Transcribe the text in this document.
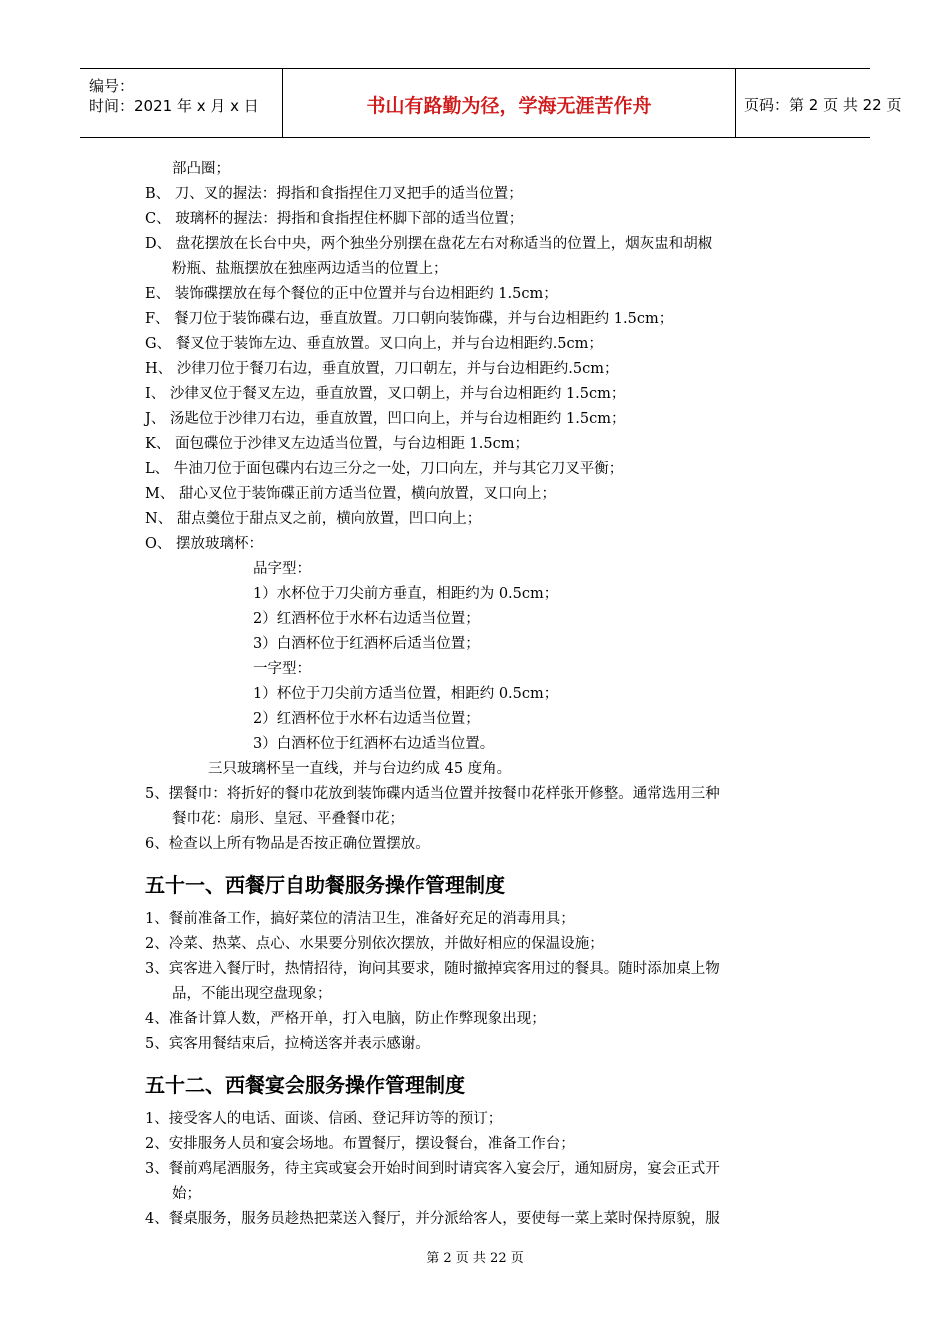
编号：
时间：2021 年 x 月 x 日	书山有路勤为径，学海无涯苦作舟	页码：第 2 页 共 22 页
部凸圈；
B、 刀、叉的握法：拇指和食指捏住刀叉把手的适当位置；
C、 玻璃杯的握法：拇指和食指捏住杯脚下部的适当位置；
D、 盘花摆放在长台中央，两个独坐分别摆在盘花左右对称适当的位置上，烟灰盅和胡椒
粉瓶、盐瓶摆放在独座两边适当的位置上；
E、 装饰碟摆放在每个餐位的正中位置并与台边相距约 1.5cm；
F、 餐刀位于装饰碟右边，垂直放置。刀口朝向装饰碟，并与台边相距约 1.5cm；
G、 餐叉位于装饰左边、垂直放置。叉口向上，并与台边相距约.5cm；
H、 沙律刀位于餐刀右边，垂直放置，刀口朝左，并与台边相距约.5cm；
I、 沙律叉位于餐叉左边，垂直放置，叉口朝上，并与台边相距约 1.5cm；
J、 汤匙位于沙律刀右边，垂直放置，凹口向上，并与台边相距约 1.5cm；
K、 面包碟位于沙律叉左边适当位置，与台边相距 1.5cm；
L、 牛油刀位于面包碟内右边三分之一处，刀口向左，并与其它刀叉平衡；
M、 甜心叉位于装饰碟正前方适当位置，横向放置，叉口向上；
N、 甜点羹位于甜点叉之前，横向放置，凹口向上；
O、 摆放玻璃杯：
品字型：
1）水杯位于刀尖前方垂直，相距约为 0.5cm；
2）红酒杯位于水杯右边适当位置；
3）白酒杯位于红酒杯后适当位置；
一字型：
1）杯位于刀尖前方适当位置，相距约 0.5cm；
2）红酒杯位于水杯右边适当位置；
3）白酒杯位于红酒杯右边适当位置。
三只玻璃杯呈一直线，并与台边约成 45 度角。
5、摆餐巾：将折好的餐巾花放到装饰碟内适当位置并按餐巾花样张开修整。通常选用三种
餐巾花：扇形、皇冠、平叠餐巾花；
6、检查以上所有物品是否按正确位置摆放。
五十一、西餐厅自助餐服务操作管理制度
1、餐前准备工作，搞好菜位的清洁卫生，准备好充足的消毒用具；
2、冷菜、热菜、点心、水果要分别依次摆放，并做好相应的保温设施；
3、宾客进入餐厅时，热情招待，询问其要求，随时撤掉宾客用过的餐具。随时添加桌上物
品，不能出现空盘现象；
4、准备计算人数，严格开单，打入电脑，防止作弊现象出现；
5、宾客用餐结束后，拉椅送客并表示感谢。
五十二、西餐宴会服务操作管理制度
1、接受客人的电话、面谈、信函、登记拜访等的预订；
2、安排服务人员和宴会场地。布置餐厅，摆设餐台，准备工作台；
3、餐前鸡尾酒服务，待主宾或宴会开始时间到时请宾客入宴会厅，通知厨房，宴会正式开
始；
4、餐桌服务，服务员趁热把菜送入餐厅，并分派给客人，要使每一菜上菜时保持原貌，服
第 2 页 共 22 页
